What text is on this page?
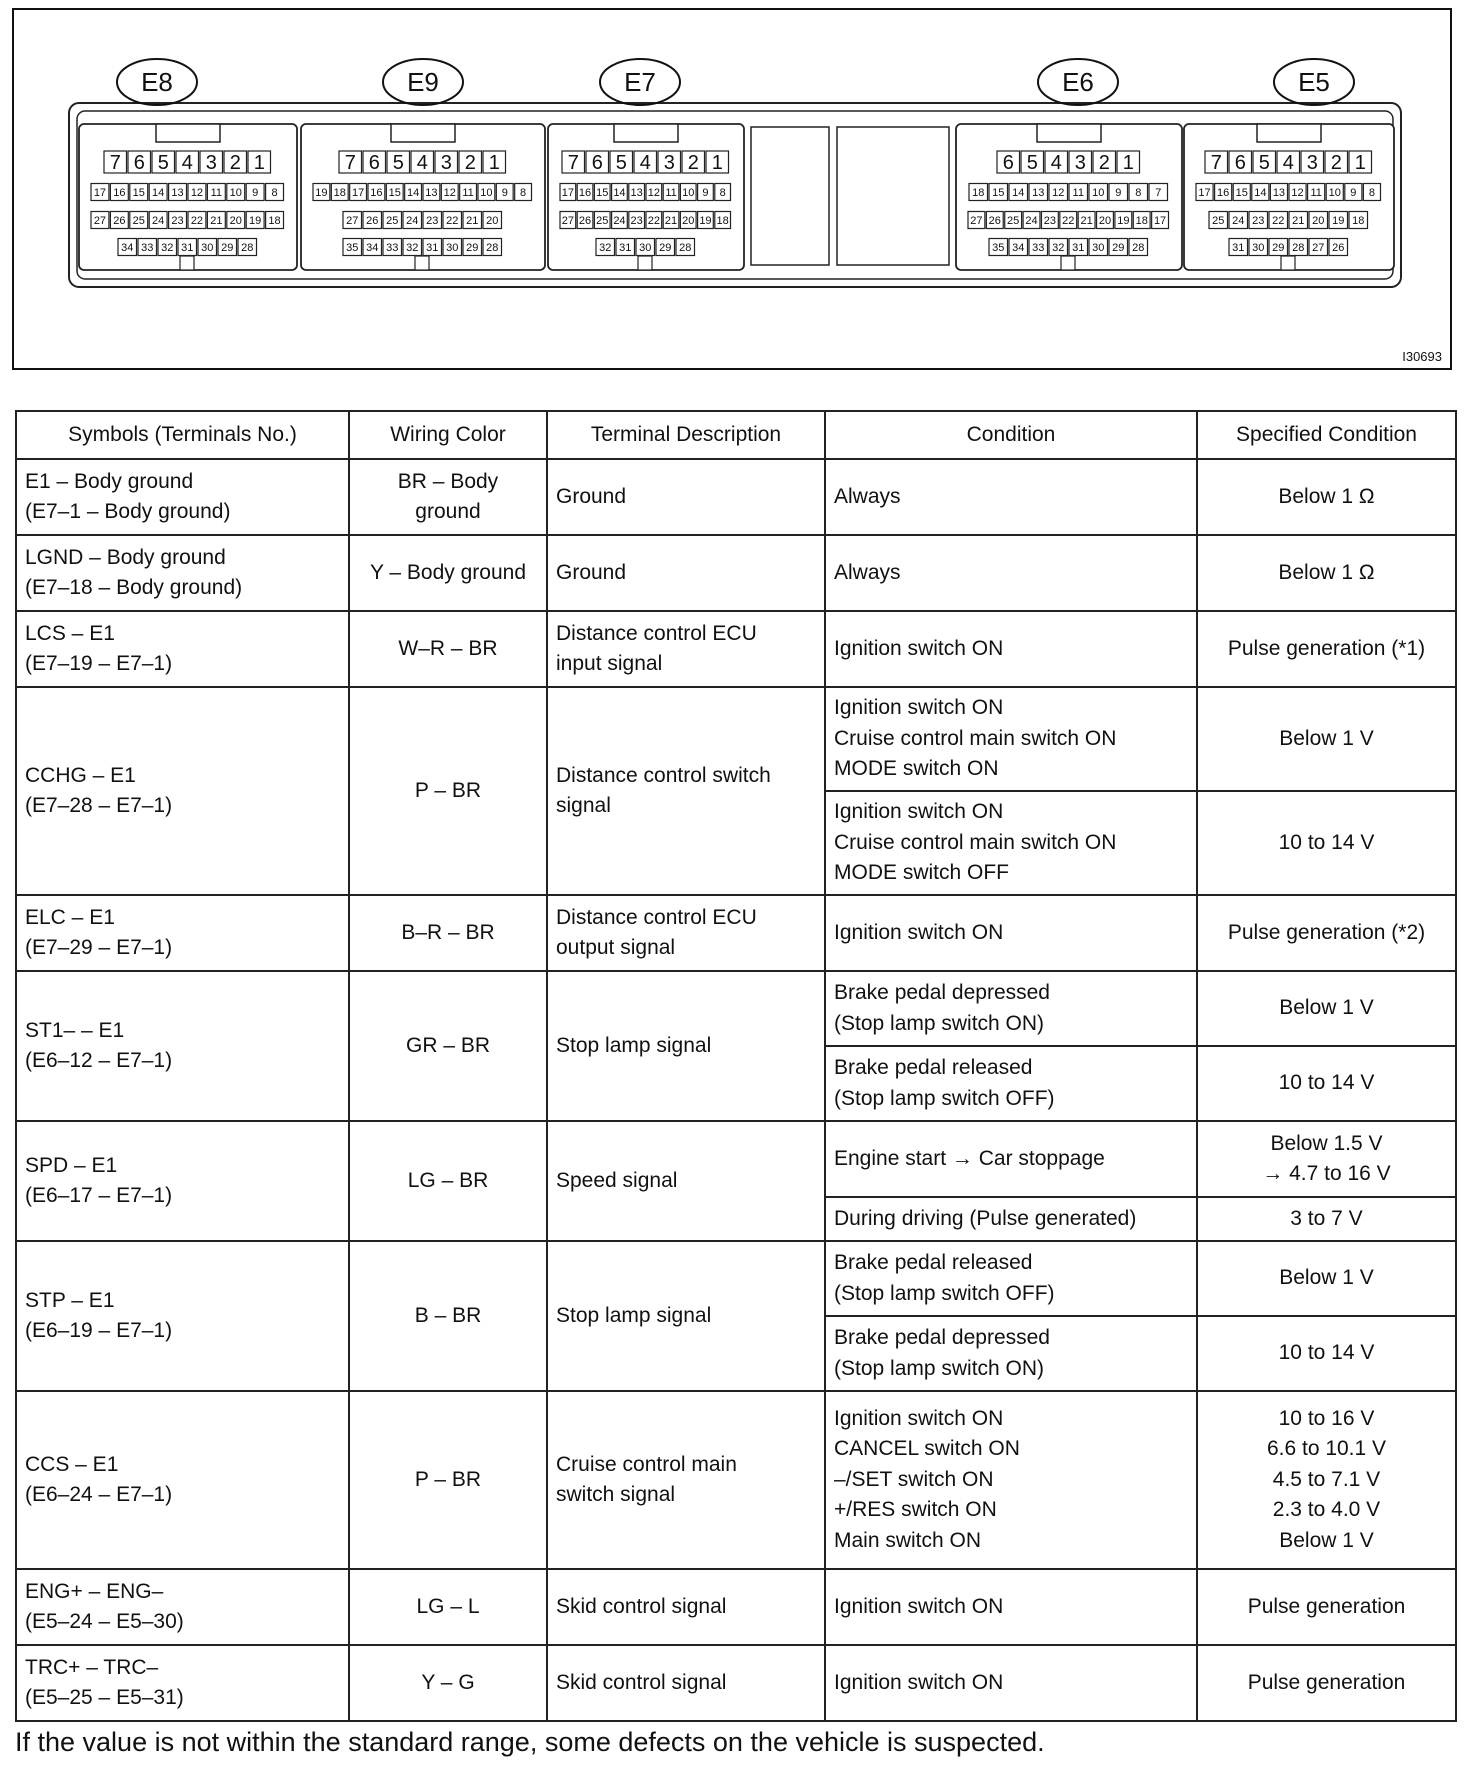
E8
7 6 5 4 3 2 1
17 16 15 14 13 12 11 10 9 8
27 26 25 24 23 22 21 20 19 18
34 33 32 31 30 29 28
E9
7 6 5 4 3 2 1
19 18 17 16 15 14 13 12 11 10 9 8
27 26 25 24 23 22 21 20
35 34 33 32 31 30 29 28
E7
7 6 5 4 3 2 1
17 16 15 14 13 12 11 10 9 8
27 26 25 24 23 22 21 20 19 18
32 31 30 29 28
E6
6 5 4 3 2 1
18 15 14 13 12 11 10 9 8 7
27 26 25 24 23 22 21 20 19 18 17
35 34 33 32 31 30 29 28
E5
7 6 5 4 3 2 1
17 16 15 14 13 12 11 10 9 8
25 24 23 22 21 20 19 18
31 30 29 28 27 26
I30693
Symbols (Terminals No.)	Wiring Color	Terminal Description	Condition	Specified Condition
E1 – Body ground
(E7–1 – Body ground)	BR – Body
ground	Ground	Always	Below 1 Ω
LGND – Body ground
(E7–18 – Body ground)	Y – Body ground	Ground	Always	Below 1 Ω
LCS – E1
(E7–19 – E7–1)	W–R – BR	Distance control ECU
input signal	Ignition switch ON	Pulse generation (*1)
CCHG – E1
(E7–28 – E7–1)	P – BR	Distance control switch
signal	Ignition switch ON
Cruise control main switch ON
MODE switch ON	Below 1 V
			Ignition switch ON
Cruise control main switch ON
MODE switch OFF	10 to 14 V
ELC – E1
(E7–29 – E7–1)	B–R – BR	Distance control ECU
output signal	Ignition switch ON	Pulse generation (*2)
ST1– – E1
(E6–12 – E7–1)	GR – BR	Stop lamp signal	Brake pedal depressed
(Stop lamp switch ON)	Below 1 V
			Brake pedal released
(Stop lamp switch OFF)	10 to 14 V
SPD – E1
(E6–17 – E7–1)	LG – BR	Speed signal	Engine start → Car stoppage	Below 1.5 V
→ 4.7 to 16 V
			During driving (Pulse generated)	3 to 7 V
STP – E1
(E6–19 – E7–1)	B – BR	Stop lamp signal	Brake pedal released
(Stop lamp switch OFF)	Below 1 V
			Brake pedal depressed
(Stop lamp switch ON)	10 to 14 V
CCS – E1
(E6–24 – E7–1)	P – BR	Cruise control main
switch signal	Ignition switch ON
CANCEL switch ON
–/SET switch ON
+/RES switch ON
Main switch ON	10 to 16 V
6.6 to 10.1 V
4.5 to 7.1 V
2.3 to 4.0 V
Below 1 V
ENG+ – ENG–
(E5–24 – E5–30)	LG – L	Skid control signal	Ignition switch ON	Pulse generation
TRC+ – TRC–
(E5–25 – E5–31)	Y – G	Skid control signal	Ignition switch ON	Pulse generation
If the value is not within the standard range, some defects on the vehicle is suspected.
